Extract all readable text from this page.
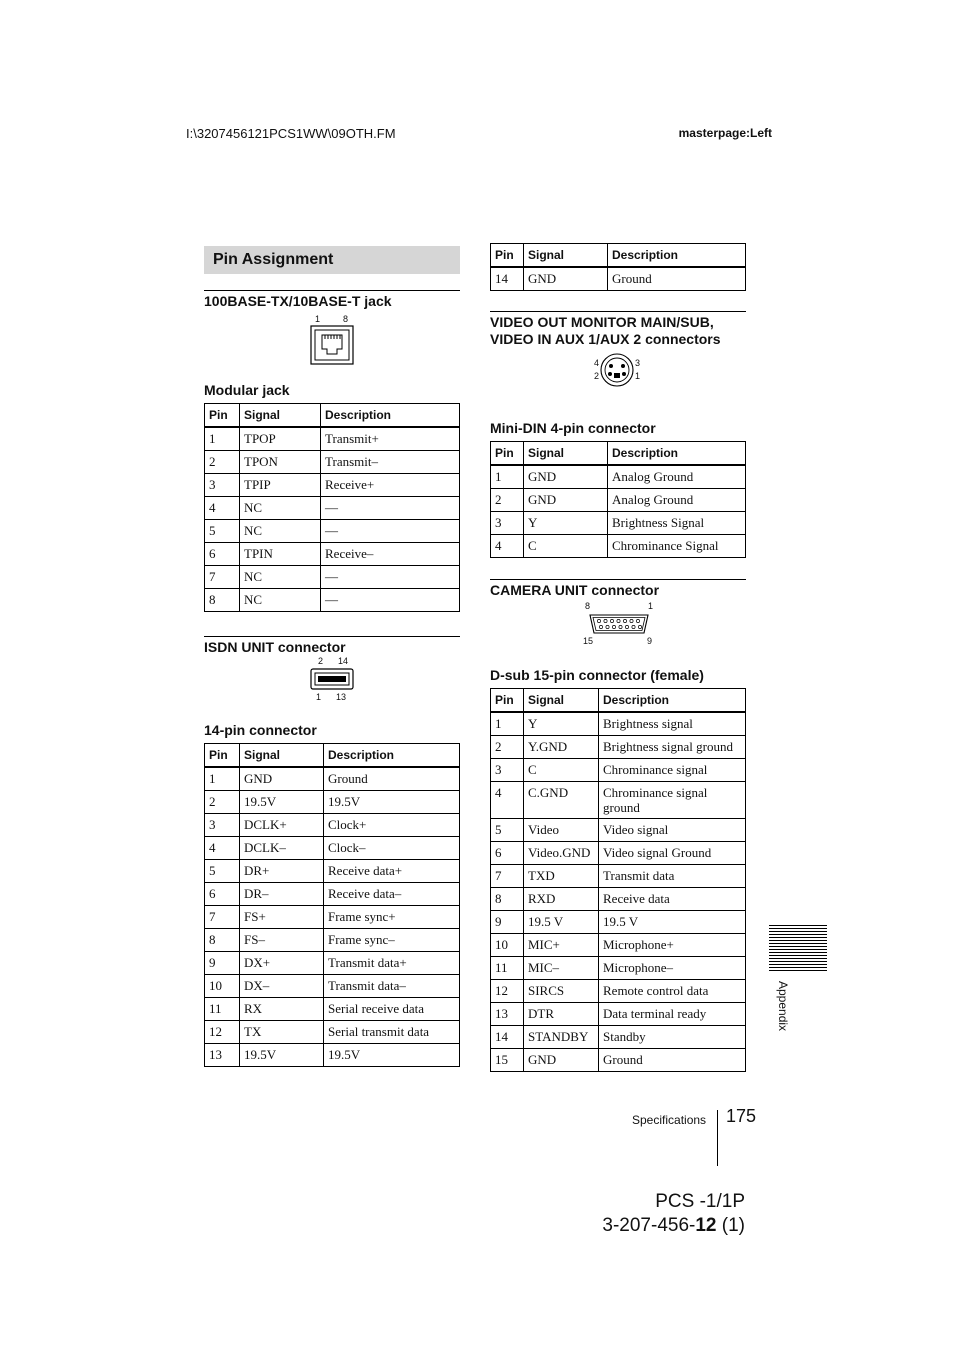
I:\3207456121PCS1WW\09OTH.FM	masterpage:Left
Pin Assignment
100BASE-TX/10BASE-T jack
1	8
Modular jack
Pin	Signal	Description
1	TPOP	Transmit+
2	TPON	Transmit–
3	TPIP	Receive+
4	NC	—
5	NC	—
6	TPIN	Receive–
7	NC	—
8	NC	—
ISDN UNIT connector
2 14
1 13
14-pin connector
Pin	Signal	Description
1	GND	Ground
2	19.5V	19.5V
3	DCLK+	Clock+
4	DCLK–	Clock–
5	DR+	Receive data+
6	DR–	Receive data–
7	FS+	Frame sync+
8	FS–	Frame sync–
9	DX+	Transmit data+
10	DX–	Transmit data–
11	RX	Serial receive data
12	TX	Serial transmit data
13	19.5V	19.5V
Pin	Signal	Description
14	GND	Ground
VIDEO OUT MONITOR MAIN/SUB,
VIDEO IN AUX 1/AUX 2 connectors
4	3
2	1
Mini-DIN 4-pin connector
Pin	Signal	Description
1	GND	Analog Ground
2	GND	Analog Ground
3	Y	Brightness Signal
4	C	Chrominance Signal
CAMERA UNIT connector
8	1
15	9
D-sub 15-pin connector (female)
Pin	Signal	Description
1	Y	Brightness signal
2	Y.GND	Brightness signal ground
3	C	Chrominance signal
4	C.GND	Chrominance signal ground
5	Video	Video signal
6	Video.GND	Video signal Ground
7	TXD	Transmit data
8	RXD	Receive data
9	19.5 V	19.5 V
10	MIC+	Microphone+
11	MIC–	Microphone–
12	SIRCS	Remote control data
13	DTR	Data terminal ready
14	STANDBY	Standby
15	GND	Ground
Appendix
Specifications 175
PCS -1/1P
3-207-456-12 (1)
